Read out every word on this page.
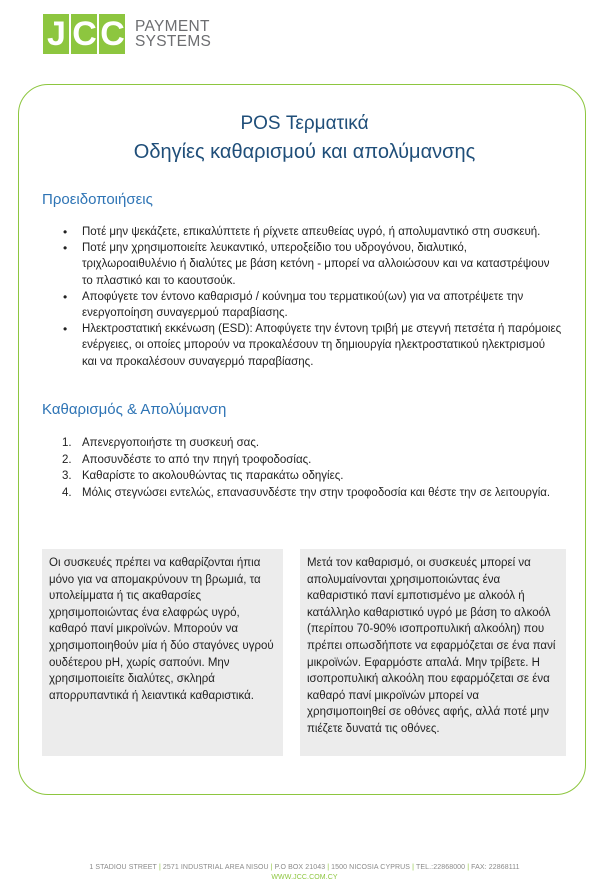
J C C PAYMENT
SYSTEMS
POS Τερματικά
Οδηγίες καθαρισμού και απολύμανσης
Προειδοποιήσεις
• Ποτέ μην ψεκάζετε, επικαλύπτετε ή ρίχνετε απευθείας υγρό, ή απολυμαντικό στη συσκευή.
• Ποτέ μην χρησιμοποιείτε λευκαντικό, υπεροξείδιο του υδρογόνου, διαλυτικό, τριχλωροαιθυλένιο ή διαλύτες με βάση κετόνη - μπορεί να αλλοιώσουν και να καταστρέψουν το πλαστικό και το καουτσούκ.
• Αποφύγετε τον έντονο καθαρισμό / κούνημα του τερματικού(ων) για να αποτρέψετε την ενεργοποίηση συναγερμού παραβίασης.
• Ηλεκτροστατική εκκένωση (ESD): Αποφύγετε την έντονη τριβή με στεγνή πετσέτα ή παρόμοιες ενέργειες, οι οποίες μπορούν να προκαλέσουν τη δημιουργία ηλεκτροστατικού ηλεκτρισμού και να προκαλέσουν συναγερμό παραβίασης.
Καθαρισμός & Απολύμανση
1. Απενεργοποιήστε τη συσκευή σας.
2. Αποσυνδέστε το από την πηγή τροφοδοσίας.
3. Καθαρίστε το ακολουθώντας τις παρακάτω οδηγίες.
4. Μόλις στεγνώσει εντελώς, επανασυνδέστε την στην τροφοδοσία και θέστε την σε λειτουργία.
Οι συσκευές πρέπει να καθαρίζονται ήπια μόνο για να απομακρύνουν τη βρωμιά, τα υπολείμματα ή τις ακαθαρσίες χρησιμοποιώντας ένα ελαφρώς υγρό, καθαρό πανί μικροϊνών. Μπορούν να χρησιμοποιηθούν μία ή δύο σταγόνες υγρού ουδέτερου pH, χωρίς σαπούνι. Μην χρησιμοποιείτε διαλύτες, σκληρά απορρυπαντικά ή λειαντικά καθαριστικά.
Μετά τον καθαρισμό, οι συσκευές μπορεί να απολυμαίνονται χρησιμοποιώντας ένα καθαριστικό πανί εμποτισμένο με αλκοόλ ή κατάλληλο καθαριστικό υγρό με βάση το αλκοόλ (περίπου 70-90% ισοπροπυλική αλκοόλη) που πρέπει οπωσδήποτε να εφαρμόζεται σε ένα πανί μικροϊνών. Εφαρμόστε απαλά. Μην τρίβετε. Η ισοπροπυλική αλκοόλη που εφαρμόζεται σε ένα καθαρό πανί μικροϊνών μπορεί να χρησιμοποιηθεί σε οθόνες αφής, αλλά ποτέ μην πιέζετε δυνατά τις οθόνες.
1 STADIOU STREET | 2571 INDUSTRIAL AREA NISOU | P.O BOX 21043 | 1500 NICOSIA CYPRUS | TEL.:22868000 | FAX: 22868111
WWW.JCC.COM.CY
